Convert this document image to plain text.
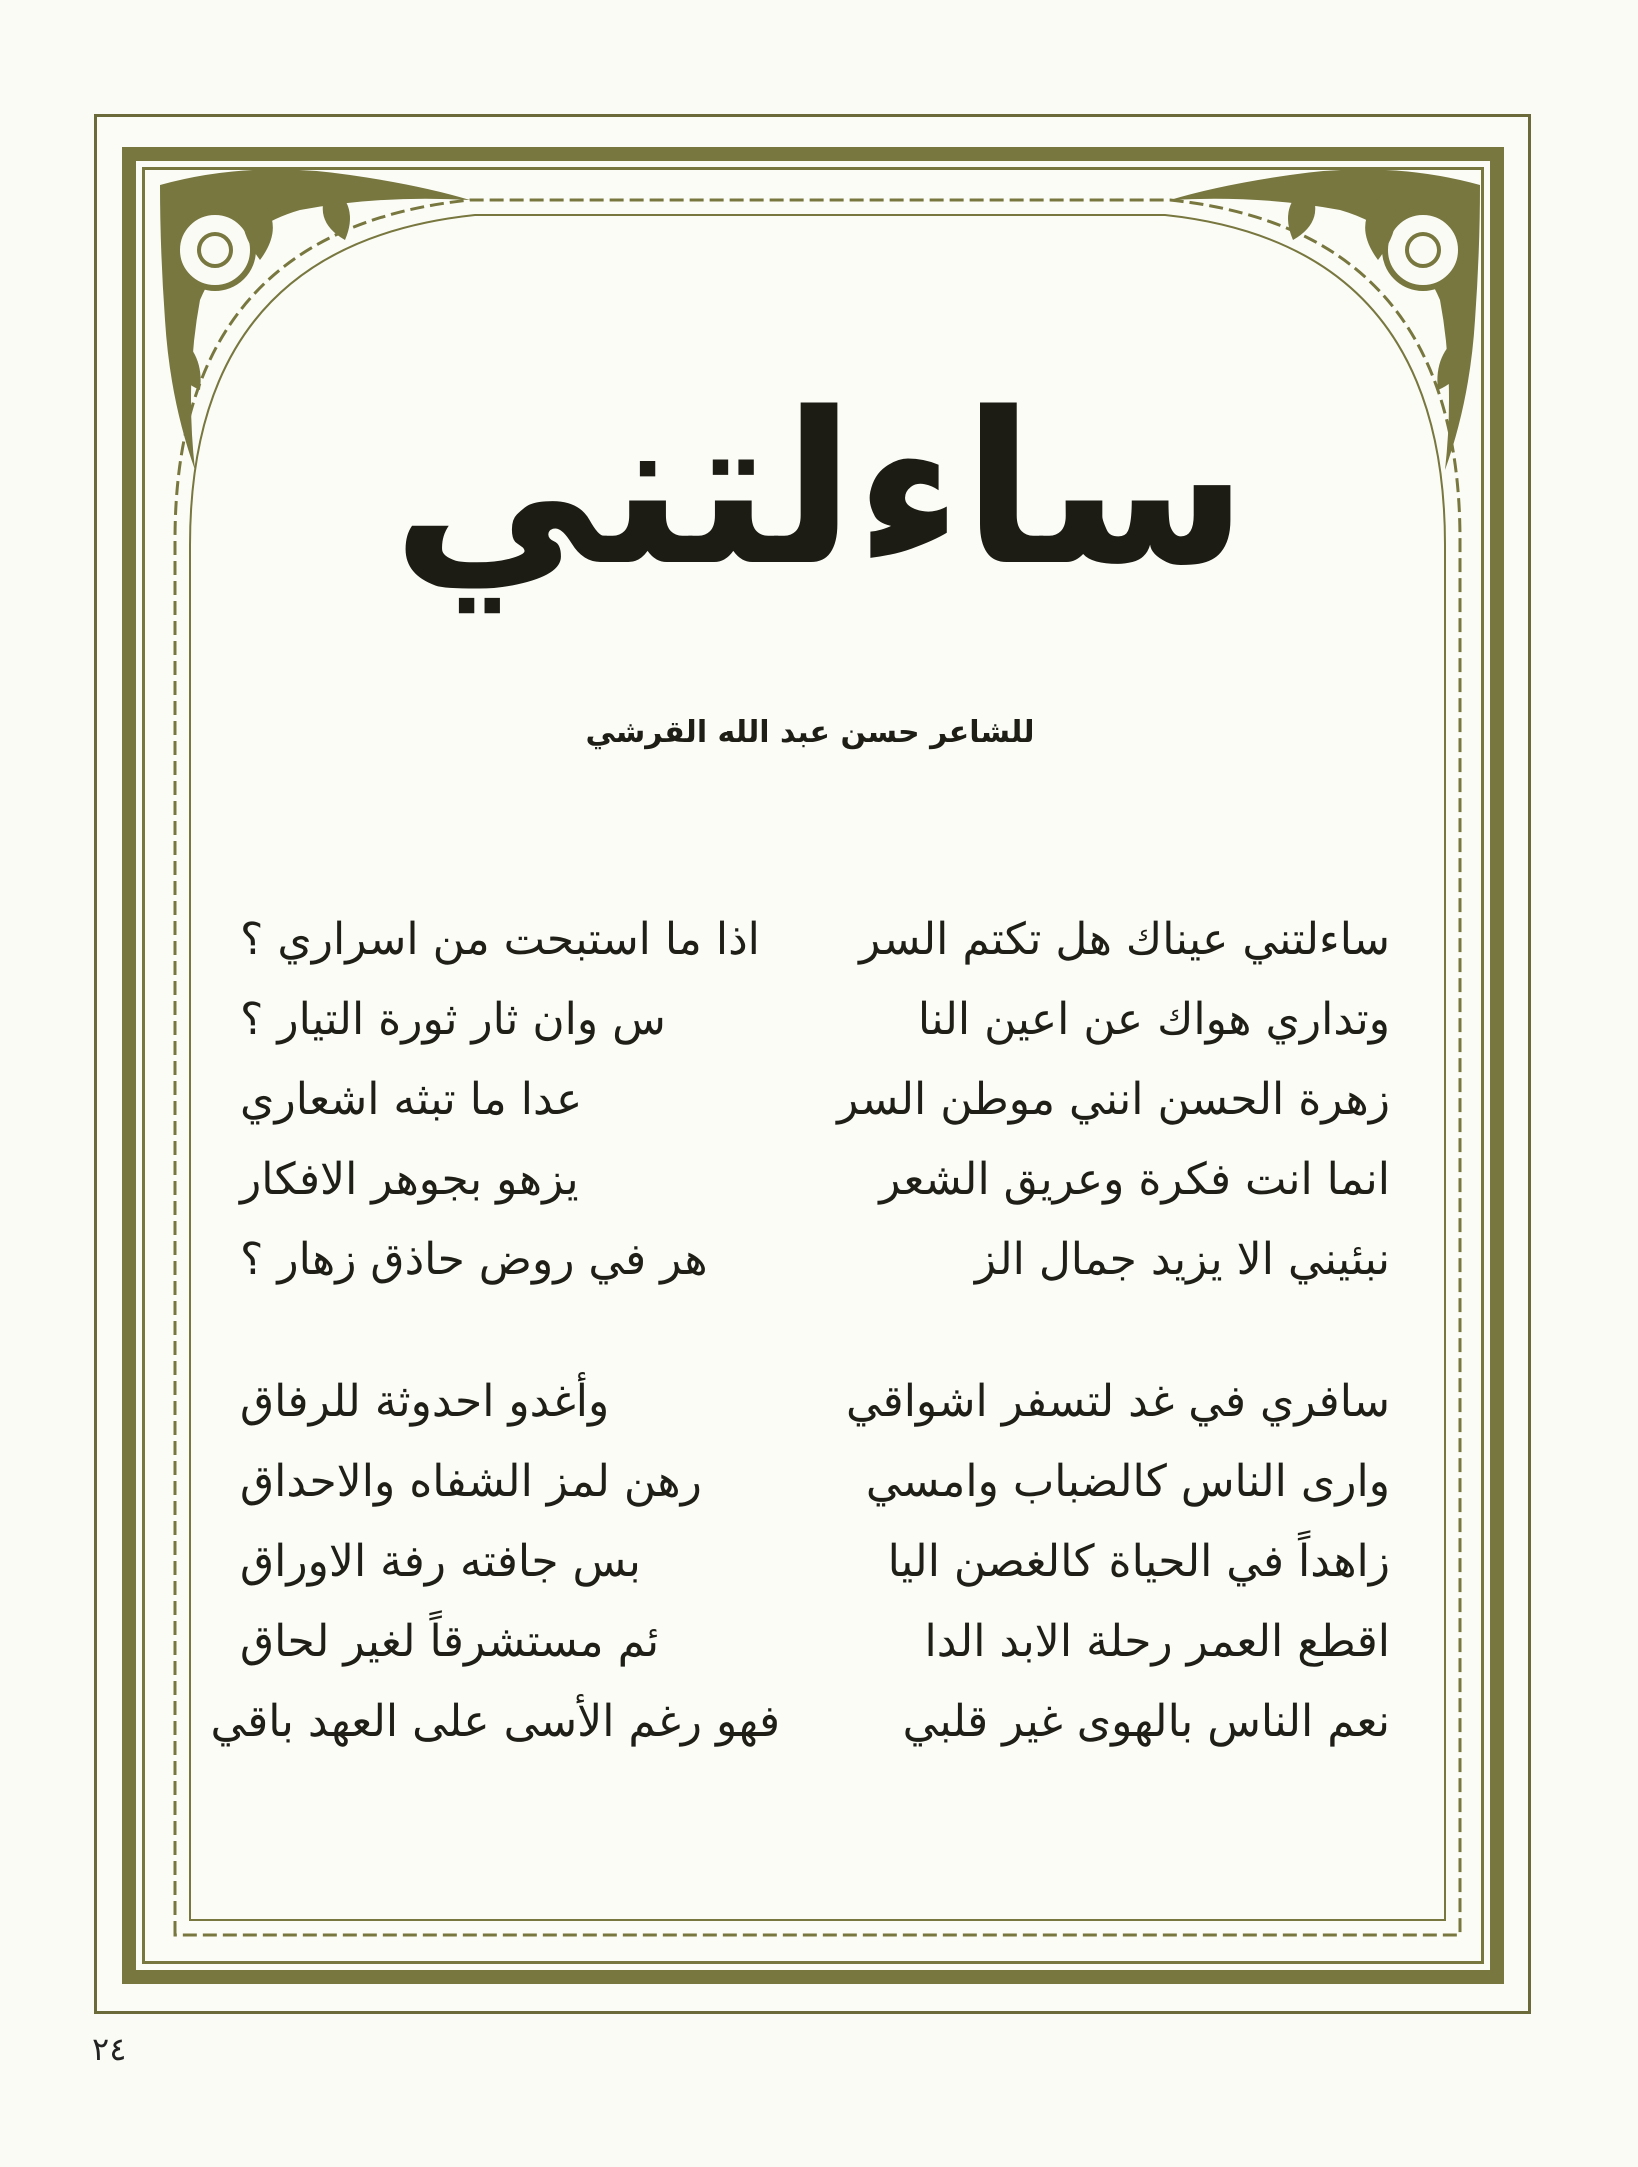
ساءلتني
للشاعر حسن عبد الله القرشي
ساءلتني عيناك هل تكتم السر
اذا ما استبحت من اسراري ؟
وتداري هواك عن اعين النا
س وان ثار ثورة التيار ؟
زهرة الحسن انني موطن السر
عدا ما تبثه اشعاري
انما انت فكرة وعريق الشعر
يزهو بجوهر الافكار
نبئيني الا يزيد جمال الز
هر في روض حاذق زهار ؟
سافري في غد لتسفر اشواقي
وأغدو احدوثة للرفاق
وارى الناس كالضباب وامسي
رهن لمز الشفاه والاحداق
زاهداً في الحياة كالغصن اليا
بس جافته رفة الاوراق
اقطع العمر رحلة الابد الدا
ئم مستشرقاً لغير لحاق
نعم الناس بالهوى غير قلبي
فهو رغم الأسى على العهد باقي
٢٤
